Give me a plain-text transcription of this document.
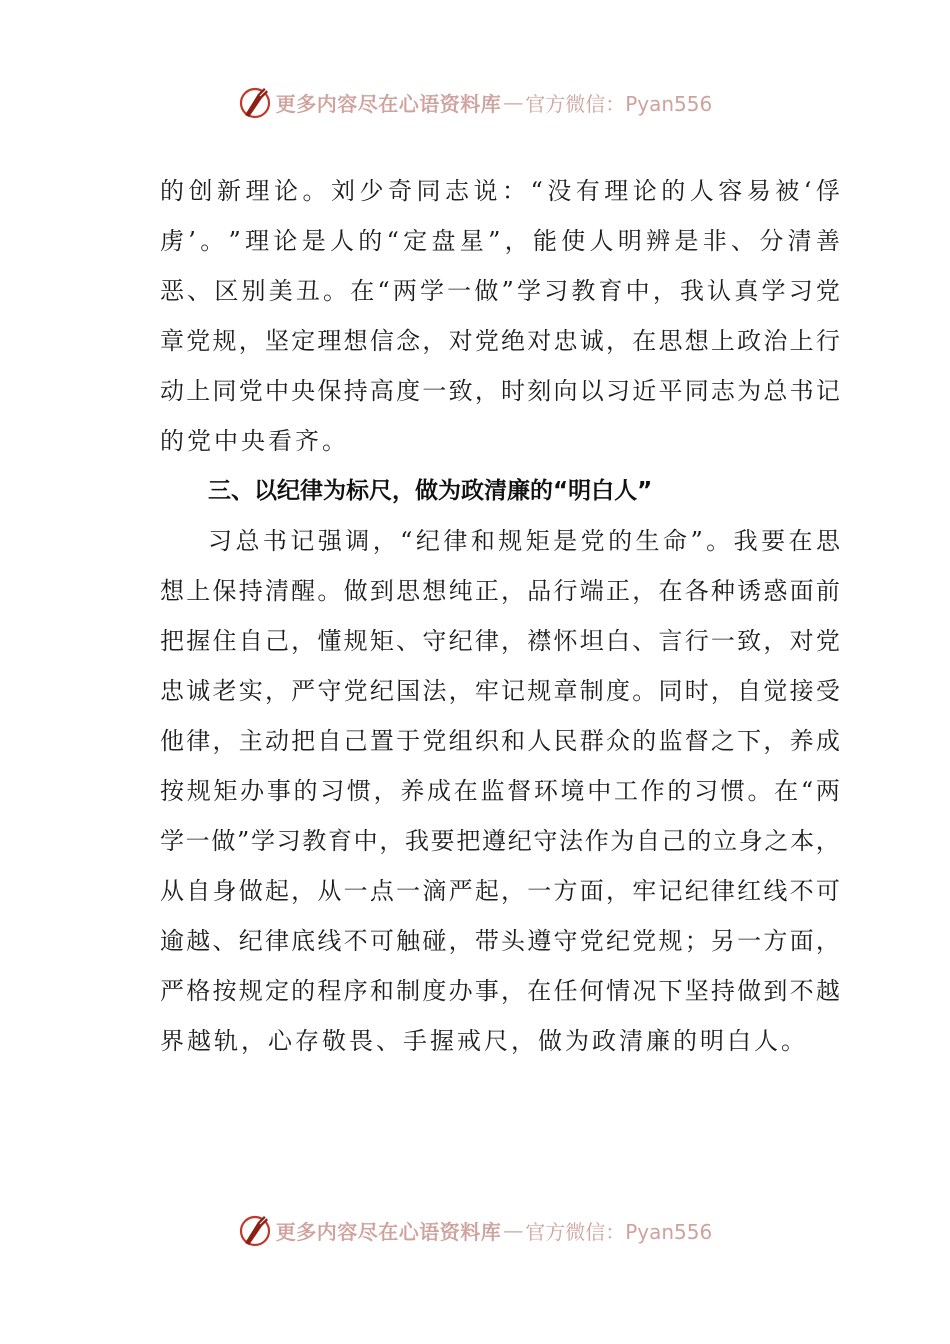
更多内容尽在心语资料库 — 官方微信：Pyan556
的 创 新 理 论 。 刘 少 奇 同 志 说 ： “ 没 有 理 论 的 人 容 易 被 ‘ 俘
虏 ’ 。 ” 理 论 是 人 的 “ 定 盘 星 ” ， 能 使 人 明 辨 是 非 、 分 清 善
恶 、 区 别 美 丑 。 在 “ 两 学 一 做 ” 学 习 教 育 中 ， 我 认 真 学 习 党
章 党 规 ， 坚 定 理 想 信 念 ， 对 党 绝 对 忠 诚 ， 在 思 想 上 政 治 上 行
动 上 同 党 中 央 保 持 高 度 一 致 ， 时 刻 向 以 习 近 平 同 志 为 总 书 记
的党中央看齐。
三、以纪律为标尺，做为政清廉的“明白人”
习 总 书 记 强 调 ， “ 纪 律 和 规 矩 是 党 的 生 命 ” 。 我 要 在 思
想 上 保 持 清 醒 。 做 到 思 想 纯 正 ， 品 行 端 正 ， 在 各 种 诱 惑 面 前
把 握 住 自 己 ， 懂 规 矩 、 守 纪 律 ， 襟 怀 坦 白 、 言 行 一 致 ， 对 党
忠 诚 老 实 ， 严 守 党 纪 国 法 ， 牢 记 规 章 制 度 。 同 时 ， 自 觉 接 受
他 律 ， 主 动 把 自 己 置 于 党 组 织 和 人 民 群 众 的 监 督 之 下 ， 养 成
按 规 矩 办 事 的 习 惯 ， 养 成 在 监 督 环 境 中 工 作 的 习 惯 。 在 “ 两
学 一 做 ” 学 习 教 育 中 ， 我 要 把 遵 纪 守 法 作 为 自 己 的 立 身 之 本 ，
从 自 身 做 起 ， 从 一 点 一 滴 严 起 ， 一 方 面 ， 牢 记 纪 律 红 线 不 可
逾 越 、 纪 律 底 线 不 可 触 碰 ， 带 头 遵 守 党 纪 党 规 ； 另 一 方 面 ，
严 格 按 规 定 的 程 序 和 制 度 办 事 ， 在 任 何 情 况 下 坚 持 做 到 不 越
界越轨，心存敬畏、手握戒尺，做为政清廉的明白人。
更多内容尽在心语资料库 — 官方微信：Pyan556
